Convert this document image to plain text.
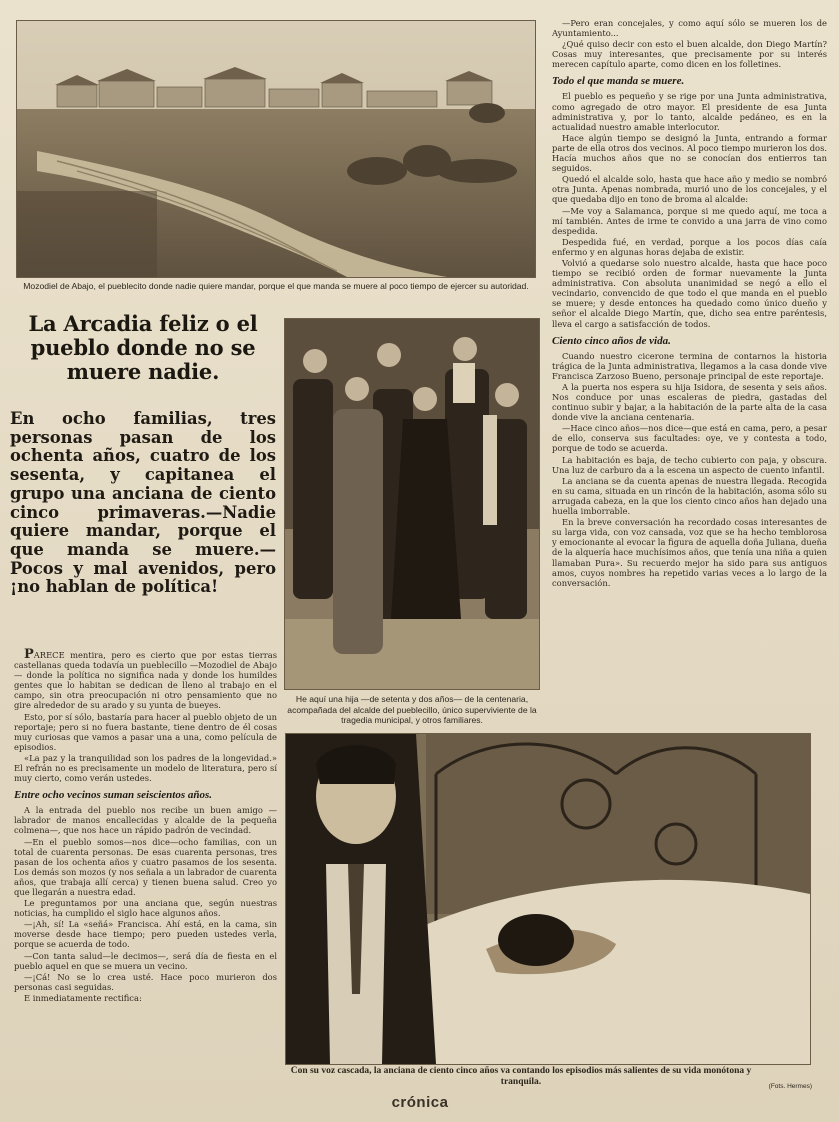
Mozodiel de Abajo, el pueblecito donde nadie quiere mandar, porque el que manda se muere al poco tiempo de ejercer su autoridad.
La Arcadia feliz o el pueblo donde no se muere nadie.
En ocho familias, tres personas pasan de los ochenta años, cuatro de los sesenta, y capitanea el grupo una anciana de ciento cinco primaveras.—Nadie quiere mandar, porque el que manda se muere.—Pocos y mal avenidos, pero ¡no hablan de política!
He aquí una hija —de setenta y dos años— de la centenaria, acompañada del alcalde del pueblecillo, único superviviente de la tragedia municipal, y otros familiares.

PARECE mentira, pero es cierto que por estas tierras castellanas queda todavía un pueblecillo —Mozodiel de Abajo— donde la política no significa nada y donde los humildes gentes que lo habitan se dedican de lleno al trabajo en el campo, sin otra preocupación ni otro pensamiento que no gire alrededor de su arado y su yunta de bueyes.

Esto, por sí sólo, bastaría para hacer al pueblo objeto de un reportaje; pero si no fuera bastante, tiene dentro de él cosas muy curiosas que vamos a pasar una a una, como película de episodios.

«La paz y la tranquilidad son los padres de la longevidad.» El refrán no es precisamente un modelo de literatura, pero sí muy cierto, como verán ustedes.

Entre ocho vecinos suman seiscientos años.

A la entrada del pueblo nos recibe un buen amigo —labrador de manos encallecidas y alcalde de la pequeña colmena—, que nos hace un rápido padrón de vecindad.

—En el pueblo somos—nos dice—ocho familias, con un total de cuarenta personas. De esas cuarenta personas, tres pasan de los ochenta años y cuatro pasamos de los sesenta. Los demás son mozos (y nos señala a un labrador de cuarenta años, que trabaja allí cerca) y tienen buena salud. Creo yo que llegarán a nuestra edad.

Le preguntamos por una anciana que, según nuestras noticias, ha cumplido el siglo hace algunos años.

—¡Ah, sí! La «señá» Francisca. Ahí está, en la cama, sin moverse desde hace tiempo; pero pueden ustedes verla, porque se acuerda de todo.

—Con tanta salud—le decimos—, será día de fiesta en el pueblo aquel en que se muera un vecino.

—¡Cá! No se lo crea usté. Hace poco murieron dos personas casi seguidas.

E inmediatamente rectifica:

—Pero eran concejales, y como aquí sólo se mueren los de Ayuntamiento...

¿Qué quiso decir con esto el buen alcalde, don Diego Martín? Cosas muy interesantes, que precisamente por su interés merecen capítulo aparte, como dicen en los folletines.

Todo el que manda se muere.

El pueblo es pequeño y se rige por una Junta administrativa, como agregado de otro mayor. El presidente de esa Junta administrativa y, por lo tanto, alcalde pedáneo, es en la actualidad nuestro amable interlocutor.

Hace algún tiempo se designó la Junta, entrando a formar parte de ella otros dos vecinos. Al poco tiempo murieron los dos. Hacía muchos años que no se conocían dos entierros tan seguidos.

Quedó el alcalde solo, hasta que hace año y medio se nombró otra Junta. Apenas nombrada, murió uno de los concejales, y el que quedaba dijo en tono de broma al alcalde:

—Me voy a Salamanca, porque si me quedo aquí, me toca a mí también. Antes de irme te convido a una jarra de vino como despedida.

Despedida fué, en verdad, porque a los pocos días caía enfermo y en algunas horas dejaba de existir.

Volvió a quedarse solo nuestro alcalde, hasta que hace poco tiempo se recibió orden de formar nuevamente la Junta administrativa. Con absoluta unanimidad se negó a ello el vecindario, convencido de que todo el que manda en el pueblo se muere; y desde entonces ha quedado como único dueño y señor el alcalde Diego Martín, que, dicho sea entre paréntesis, lleva el cargo a satisfacción de todos.

Ciento cinco años de vida.

Cuando nuestro cicerone termina de contarnos la historia trágica de la Junta administrativa, llegamos a la casa donde vive Francisca Zarzoso Bueno, personaje principal de este reportaje.

A la puerta nos espera su hija Isidora, de sesenta y seis años. Nos conduce por unas escaleras de piedra, gastadas del continuo subir y bajar, a la habitación de la parte alta de la casa donde vive la anciana centenaria.

—Hace cinco años—nos dice—que está en cama, pero, a pesar de ello, conserva sus facultades: oye, ve y contesta a todo, porque de todo se acuerda.

La habitación es baja, de techo cubierto con paja, y obscura. Una luz de carburo da a la escena un aspecto de cuento infantil.

La anciana se da cuenta apenas de nuestra llegada. Recogida en su cama, situada en un rincón de la habitación, asoma sólo su arrugada cabeza, en la que los ciento cinco años han dejado una huella imborrable.

En la breve conversación ha recordado cosas interesantes de su larga vida, con voz cansada, voz que se ha hecho temblorosa y emocionante al evocar la figura de aquella doña Juliana, dueña de la alquería hace muchísimos años, que tenía una niña a quien llamaban Pura». Su recuerdo mejor ha sido para sus antiguos amos, cuyos nombres ha repetido varias veces a lo largo de la conversación.

Con su voz cascada, la anciana de ciento cinco años va contando los episodios más salientes de su vida monótona y tranquila.	(Fots. Hermes)
crónica
